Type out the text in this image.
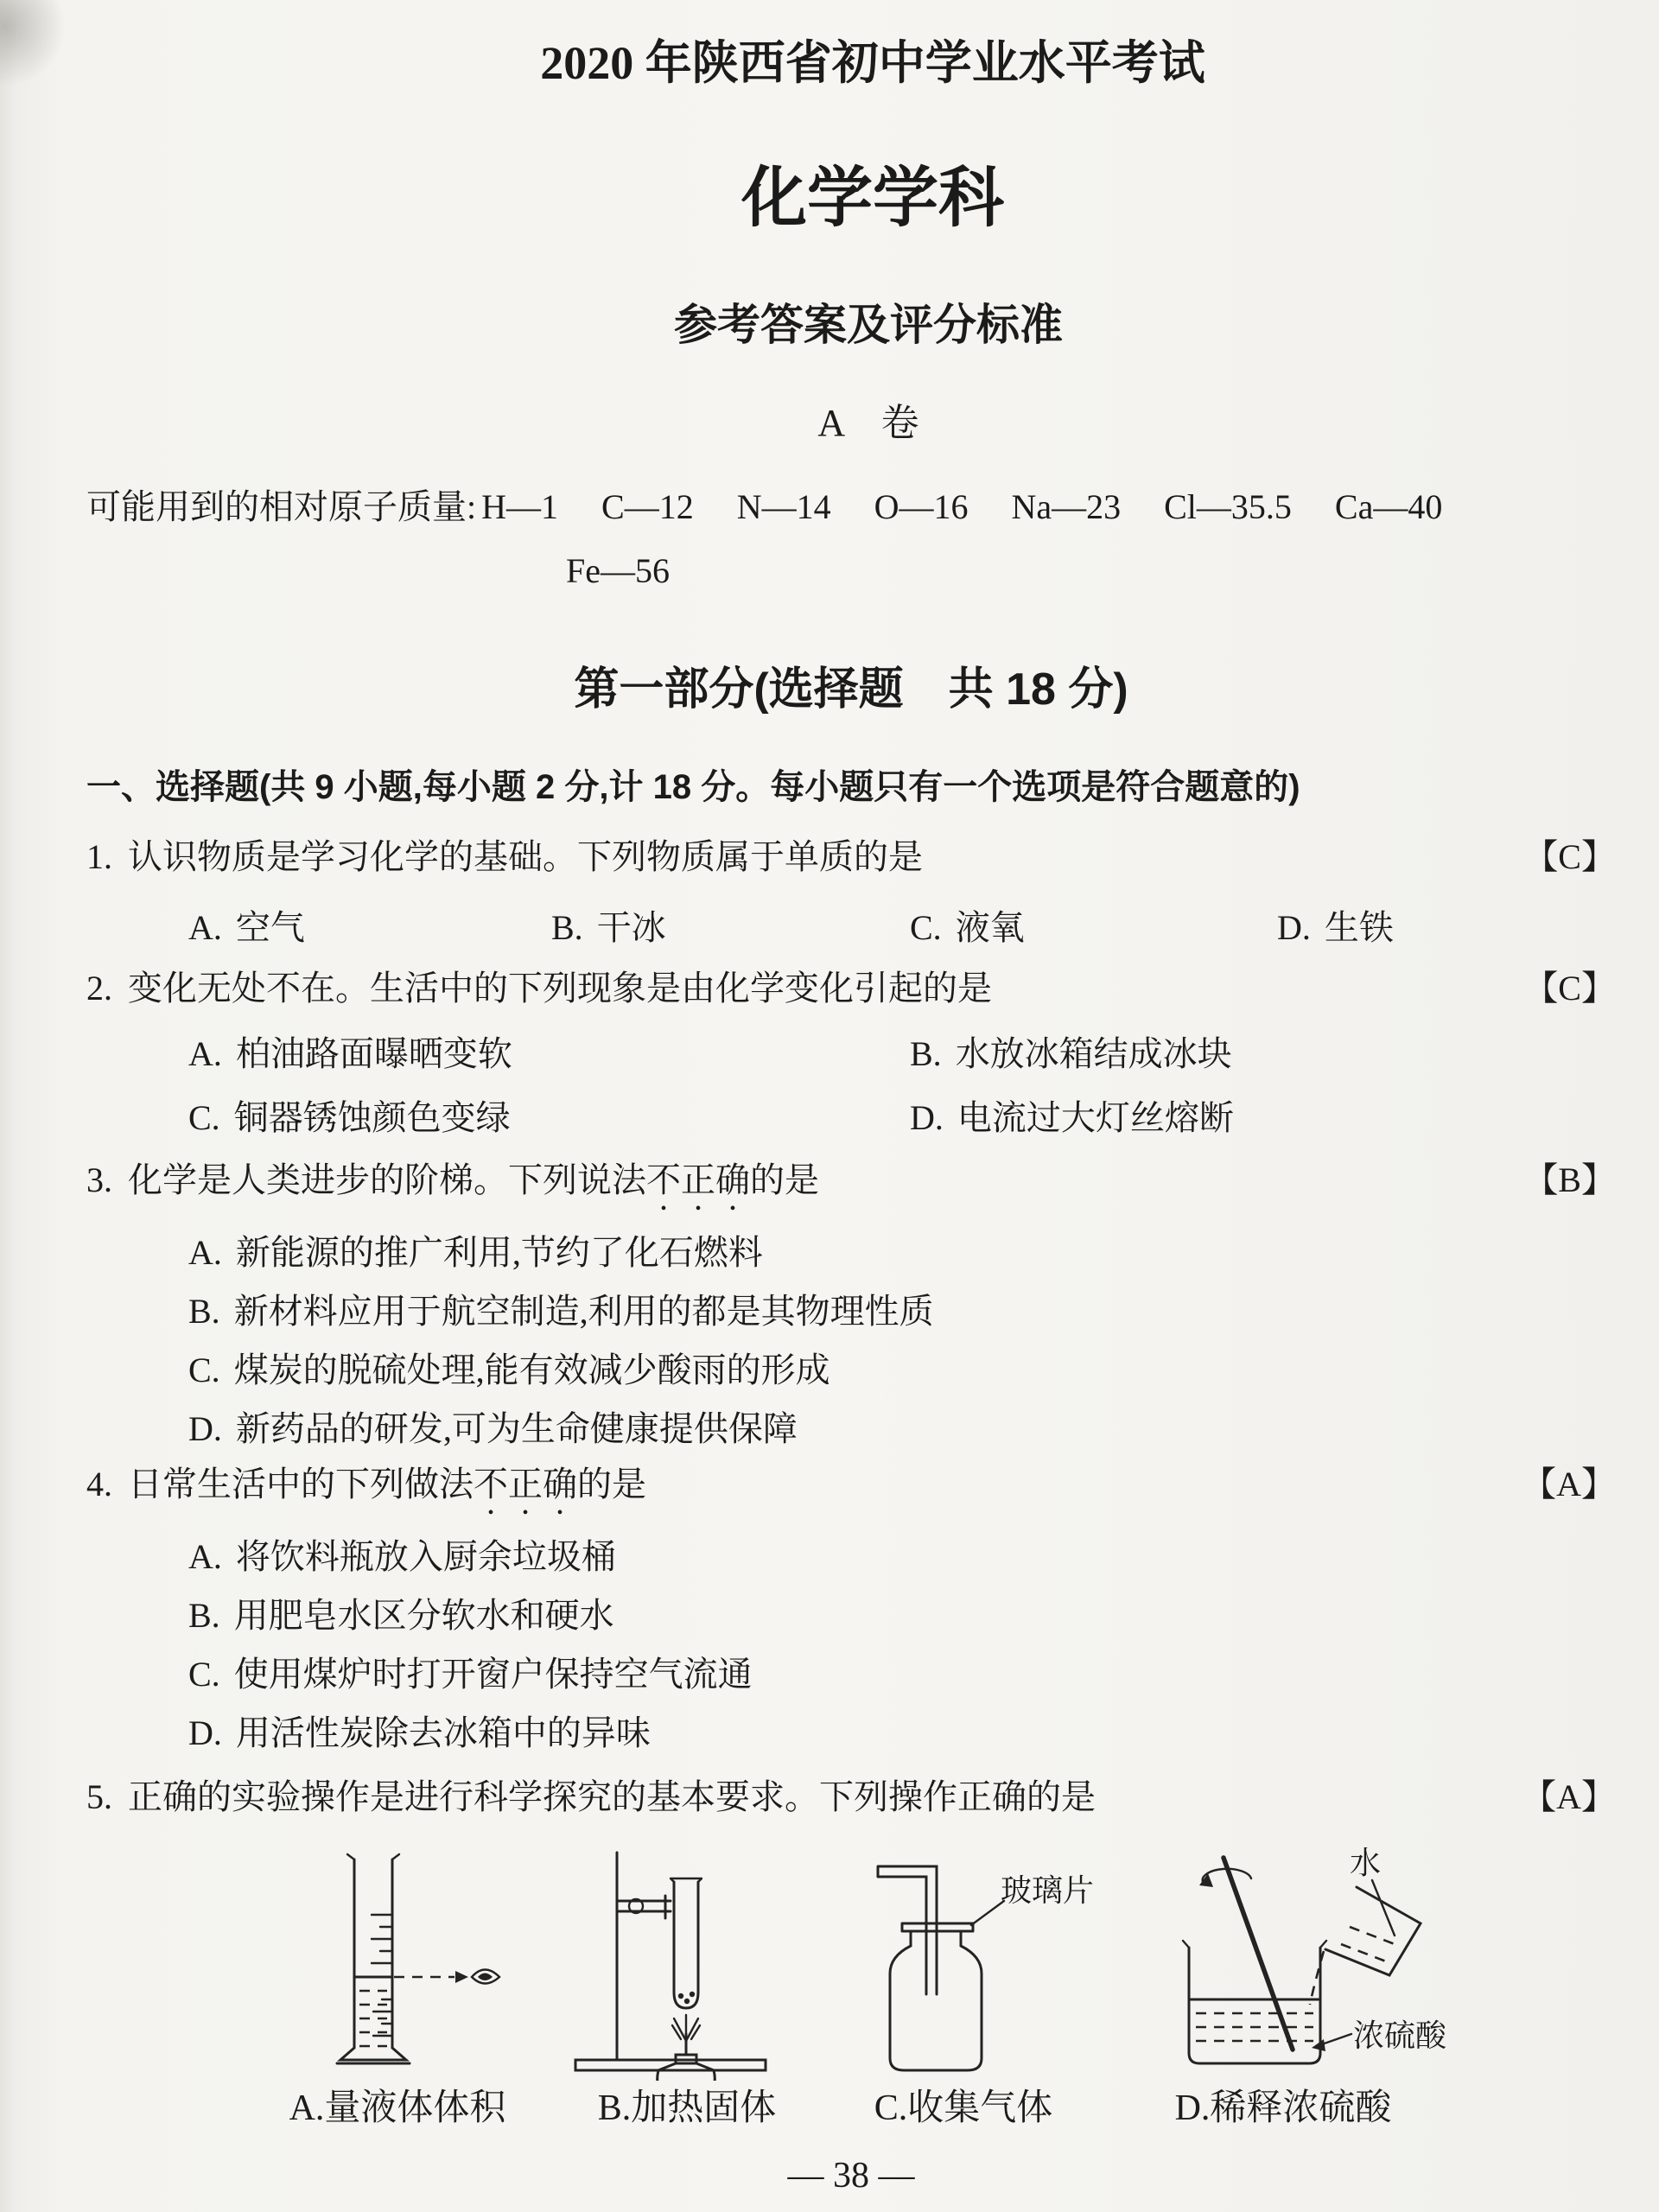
2020 年陕西省初中学业水平考试
化学学科
参考答案及评分标准
A　卷
可能用到的相对原子质量: H—1 C—12 N—14 O—16 Na—23 Cl—35.5 Ca—40
Fe—56
第一部分(选择题　共 18 分)
一、选择题(共 9 小题,每小题 2 分,计 18 分。每小题只有一个选项是符合题意的)
1. 认识物质是学习化学的基础。下列物质属于单质的是	【C】
A. 空气	B. 干冰	C. 液氧	D. 生铁
2. 变化无处不在。生活中的下列现象是由化学变化引起的是	【C】
A. 柏油路面曝晒变软	B. 水放冰箱结成冰块
C. 铜器锈蚀颜色变绿	D. 电流过大灯丝熔断
3. 化学是人类进步的阶梯。下列说法不正确的是	【B】
A. 新能源的推广利用,节约了化石燃料
B. 新材料应用于航空制造,利用的都是其物理性质
C. 煤炭的脱硫处理,能有效减少酸雨的形成
D. 新药品的研发,可为生命健康提供保障
4. 日常生活中的下列做法不正确的是	【A】
A. 将饮料瓶放入厨余垃圾桶
B. 用肥皂水区分软水和硬水
C. 使用煤炉时打开窗户保持空气流通
D. 用活性炭除去冰箱中的异味
5. 正确的实验操作是进行科学探究的基本要求。下列操作正确的是	【A】
A.量液体体积	B.加热固体
玻璃片
C.收集气体
水
浓硫酸
D.稀释浓硫酸
— 38 —
